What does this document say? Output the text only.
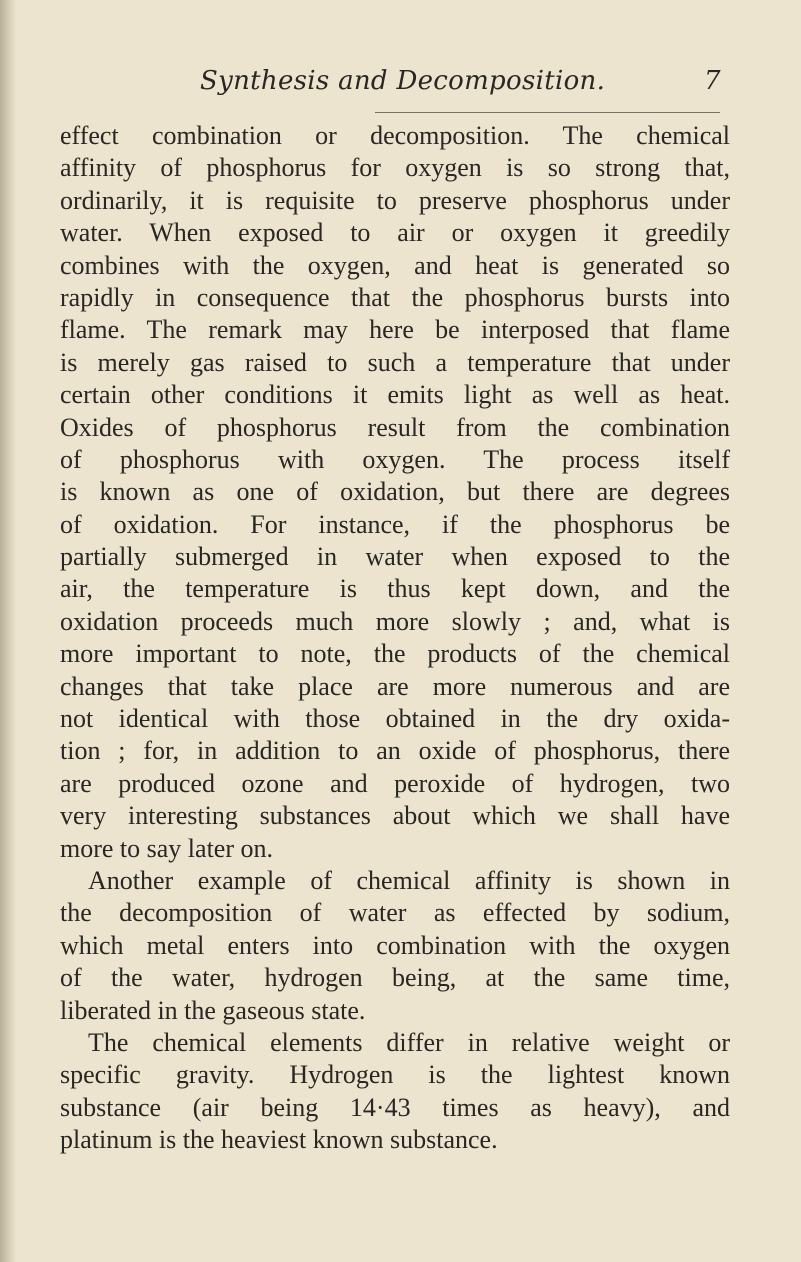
Synthesis and Decomposition.	7
effect combination or decomposition. The chemical
affinity of phosphorus for oxygen is so strong that,
ordinarily, it is requisite to preserve phosphorus under
water. When exposed to air or oxygen it greedily
combines with the oxygen, and heat is generated so
rapidly in consequence that the phosphorus bursts into
flame. The remark may here be interposed that flame
is merely gas raised to such a temperature that under
certain other conditions it emits light as well as heat.
Oxides of phosphorus result from the combination
of phosphorus with oxygen. The process itself
is known as one of oxidation, but there are degrees
of oxidation. For instance, if the phosphorus be
partially submerged in water when exposed to the
air, the temperature is thus kept down, and the
oxidation proceeds much more slowly ; and, what is
more important to note, the products of the chemical
changes that take place are more numerous and are
not identical with those obtained in the dry oxida-
tion ; for, in addition to an oxide of phosphorus, there
are produced ozone and peroxide of hydrogen, two
very interesting substances about which we shall have
more to say later on.
Another example of chemical affinity is shown in
the decomposition of water as effected by sodium,
which metal enters into combination with the oxygen
of the water, hydrogen being, at the same time,
liberated in the gaseous state.
The chemical elements differ in relative weight or
specific gravity. Hydrogen is the lightest known
substance (air being 14·43 times as heavy), and
platinum is the heaviest known substance.
